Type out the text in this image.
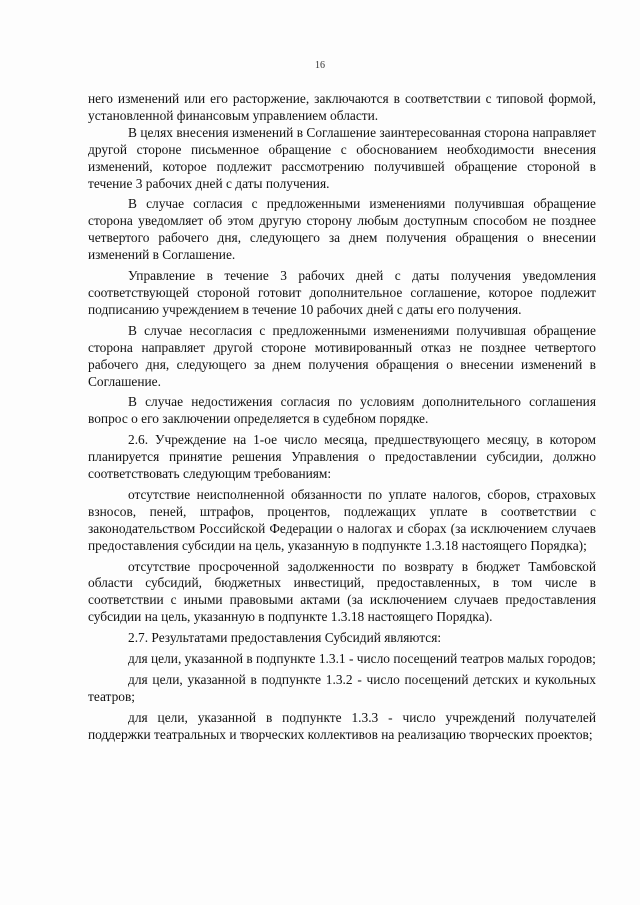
16

него изменений или его расторжение, заключаются в соответствии с типовой формой, установленной финансовым управлением области.

В целях внесения изменений в Соглашение заинтересованная сторона направляет другой стороне письменное обращение с обоснованием необходимости внесения изменений, которое подлежит рассмотрению получившей обращение стороной в течение 3 рабочих дней с даты получения.

В случае согласия с предложенными изменениями получившая обращение сторона уведомляет об этом другую сторону любым доступным способом не позднее четвертого рабочего дня, следующего за днем получения обращения о внесении изменений в Соглашение.

Управление в течение 3 рабочих дней с даты получения уведомления соответствующей стороной готовит дополнительное соглашение, которое подлежит подписанию учреждением в течение 10 рабочих дней с даты его получения.

В случае несогласия с предложенными изменениями получившая обращение сторона направляет другой стороне мотивированный отказ не позднее четвертого рабочего дня, следующего за днем получения обращения о внесении изменений в Соглашение.

В случае недостижения согласия по условиям дополнительного соглашения вопрос о его заключении определяется в судебном порядке.

2.6. Учреждение на 1-ое число месяца, предшествующего месяцу, в котором планируется принятие решения Управления о предоставлении субсидии, должно соответствовать следующим требованиям:

отсутствие неисполненной обязанности по уплате налогов, сборов, страховых взносов, пеней, штрафов, процентов, подлежащих уплате в соответствии с законодательством Российской Федерации о налогах и сборах (за исключением случаев предоставления субсидии на цель, указанную в подпункте 1.3.18 настоящего Порядка);

отсутствие просроченной задолженности по возврату в бюджет Тамбовской области субсидий, бюджетных инвестиций, предоставленных, в том числе в соответствии с иными правовыми актами (за исключением случаев предоставления субсидии на цель, указанную в подпункте 1.3.18 настоящего Порядка).

2.7. Результатами предоставления Субсидий являются:

для цели, указанной в подпункте 1.3.1 - число посещений театров малых городов;

для цели, указанной в подпункте 1.3.2 - число посещений детских и кукольных театров;

для цели, указанной в подпункте 1.3.3 - число учреждений получателей поддержки театральных и творческих коллективов на реализацию творческих проектов;
